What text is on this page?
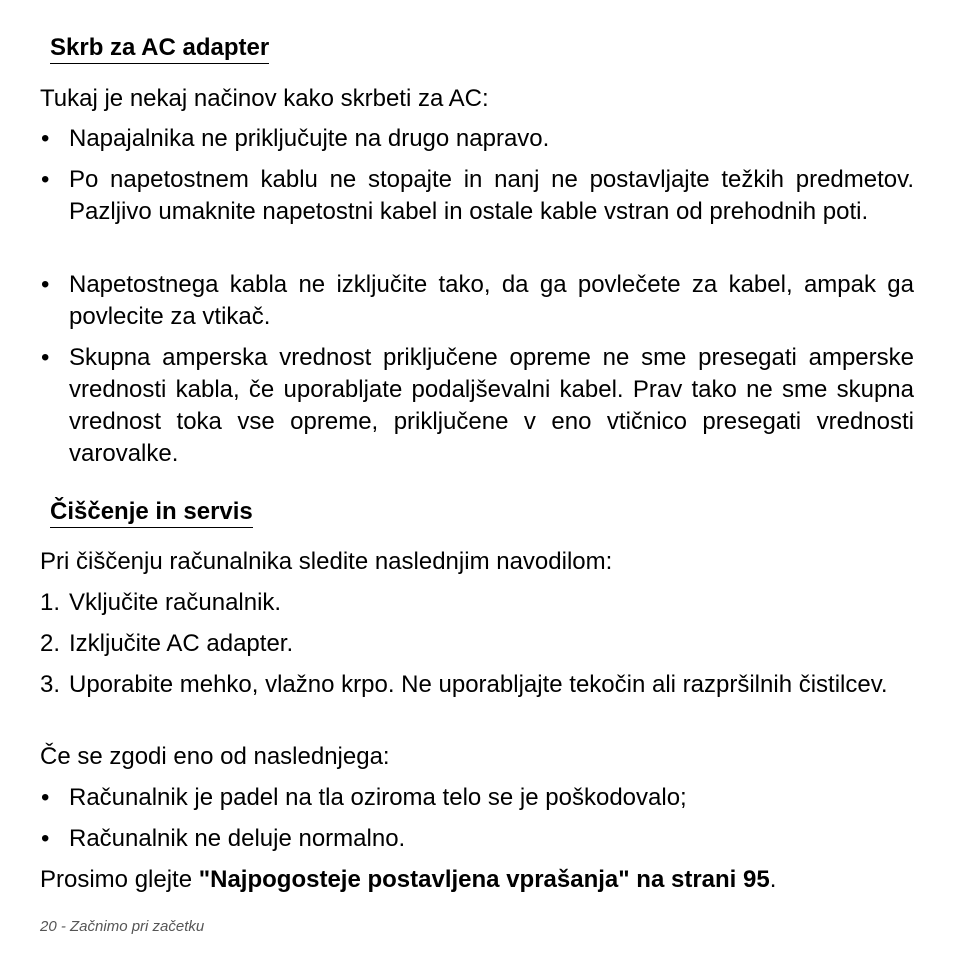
Skrb za AC adapter
Tukaj je nekaj načinov kako skrbeti za AC:
• Napajalnika ne priključujte na drugo napravo.
• Po napetostnem kablu ne stopajte in nanj ne postavljajte težkih predmetov. Pazljivo umaknite napetostni kabel in ostale kable vstran od prehodnih poti.
• Napetostnega kabla ne izključite tako, da ga povlečete za kabel, ampak ga povlecite za vtikač.
• Skupna amperska vrednost priključene opreme ne sme presegati amperske vrednosti kabla, če uporabljate podaljševalni kabel. Prav tako ne sme skupna vrednost toka vse opreme, priključene v eno vtičnico presegati vrednosti varovalke.
Čiščenje in servis
Pri čiščenju računalnika sledite naslednjim navodilom:
1. Vključite računalnik.
2. Izključite AC adapter.
3. Uporabite mehko, vlažno krpo. Ne uporabljajte tekočin ali razpršilnih čistilcev.
Če se zgodi eno od naslednjega:
• Računalnik je padel na tla oziroma telo se je poškodovalo;
• Računalnik ne deluje normalno.
Prosimo glejte "Najpogosteje postavljena vprašanja" na strani 95.
20 - Začnimo pri začetku
